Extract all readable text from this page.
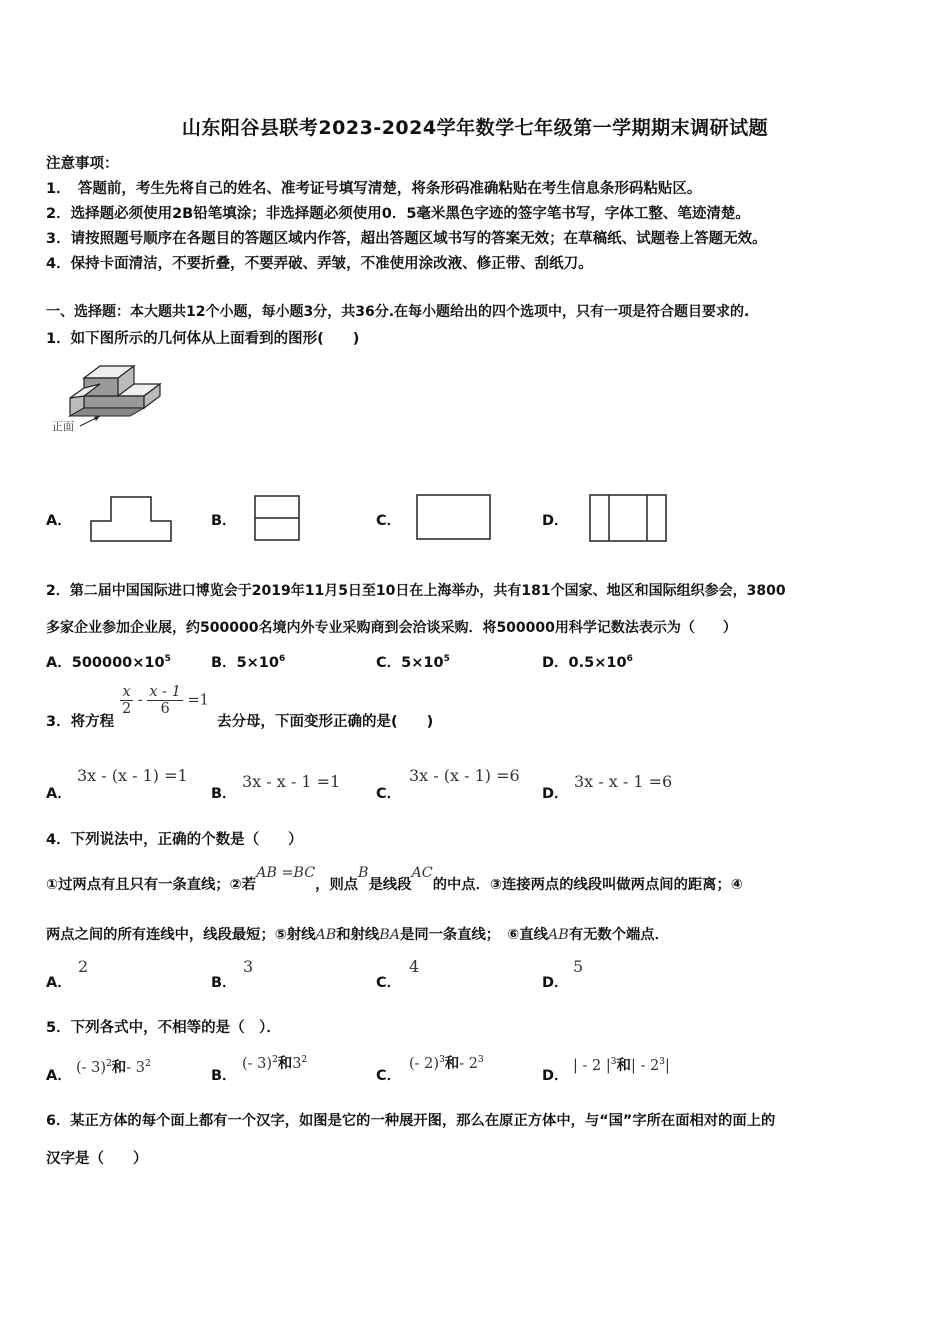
山东阳谷县联考2023-2024学年数学七年级第一学期期末调研试题
注意事项：
1．　答题前，考生先将自己的姓名、准考证号填写清楚，将条形码准确粘贴在考生信息条形码粘贴区。
2．选择题必须使用2B铅笔填涂；非选择题必须使用0．5毫米黑色字迹的签字笔书写，字体工整、笔迹清楚。
3．请按照题号顺序在各题目的答题区域内作答，超出答题区域书写的答案无效；在草稿纸、试题卷上答题无效。
4．保持卡面清洁，不要折叠，不要弄破、弄皱，不准使用涂改液、修正带、刮纸刀。
一、选择题：本大题共12个小题，每小题3分，共36分.在每小题给出的四个选项中，只有一项是符合题目要求的.
1．如下图所示的几何体从上面看到的图形(　　)
正面
A．	B．	C．	D．
2．第二届中国国际进口博览会于2019年11月5日至10日在上海举办，共有181个国家、地区和国际组织参会，3800
多家企业参加企业展，约500000名境内外专业采购商到会洽谈采购．将500000用科学记数法表示为（　　）
A．$500000\times 10^5$	B．$5\times 10^6$	C．$5\times 10^5$	D．$0.5\times 10^6$
3．将方程
$\frac{x}{2} - \frac{x - 1}{6} =1$
去分母，下面变形正确的是(　　)
A．
3x - (x - 1) =1
B．
3x - x - 1 =1
C．
3x - (x - 1) =6
D．
3x - x - 1 =6
4．下列说法中，正确的个数是（　　）
①过两点有且只有一条直线；②若AB =BC，则点B是线段AC的中点．③连接两点的线段叫做两点间的距离；④
两点之间的所有连线中，线段最短；⑤射线AB和射线BA是同一条直线；　⑥直线AB有无数个端点．
A．
2
B．
3
C．
4
D．
5
5．下列各式中，不相等的是（　）．
A． (- 3)$^2$和- $3^2$
B．
(- 3)$^2$和$3^2$
C．
(- 2)$^3$和- $2^3$
D．
| - 2 $|^3$和| - $2^3|$
6．某正方体的每个面上都有一个汉字，如图是它的一种展开图，那么在原正方体中，与“国”字所在面相对的面上的
汉字是（　　）
